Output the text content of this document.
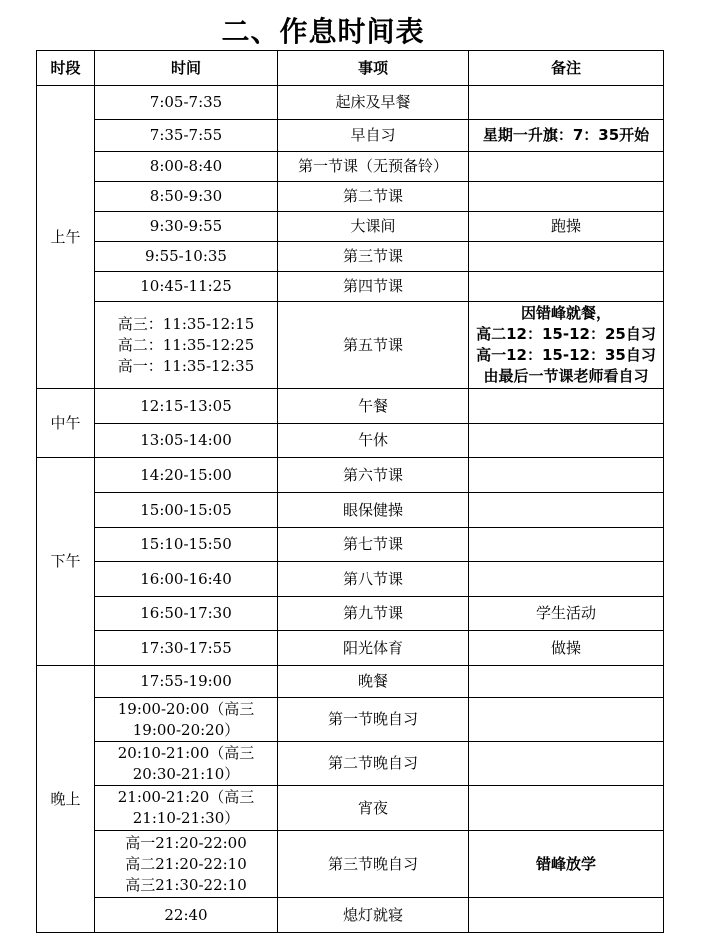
二、作息时间表
时段	时间	事项	备注
上午	7:05-7:35	起床及早餐	
	7:35-7:55	早自习	星期一升旗：7：35开始
	8:00-8:40	第一节课（无预备铃）	
	8:50-9:30	第二节课	
	9:30-9:55	大课间	跑操
	9:55-10:35	第三节课	
	10:45-11:25	第四节课	

	高三：11:35-12:15
高二：11:35-12:25
高一：11:35-12:35	第五节课	因错峰就餐，
高二12：15-12：25自习
高一12：15-12：35自习
由最后一节课老师看自习

中午	12:15-13:05	午餐	
	13:05-14:00	午休	
下午	14:20-15:00	第六节课	
	15:00-15:05	眼保健操	
	15:10-15:50	第七节课	
	16:00-16:40	第八节课	
	16:50-17:30	第九节课	学生活动
	17:30-17:55	阳光体育	做操
晚上	17:55-19:00	晚餐	

	19:00-20:00（高三
19:00-20:20）	第一节晚自习	

	20:10-21:00（高三
20:30-21:10）	第二节晚自习	

	21:00-21:20（高三
21:10-21:30）	宵夜	

	高一21:20-22:00
高二21:20-22:10
高三21:30-22:10	第三节晚自习	错峰放学
	22:40	熄灯就寝	
